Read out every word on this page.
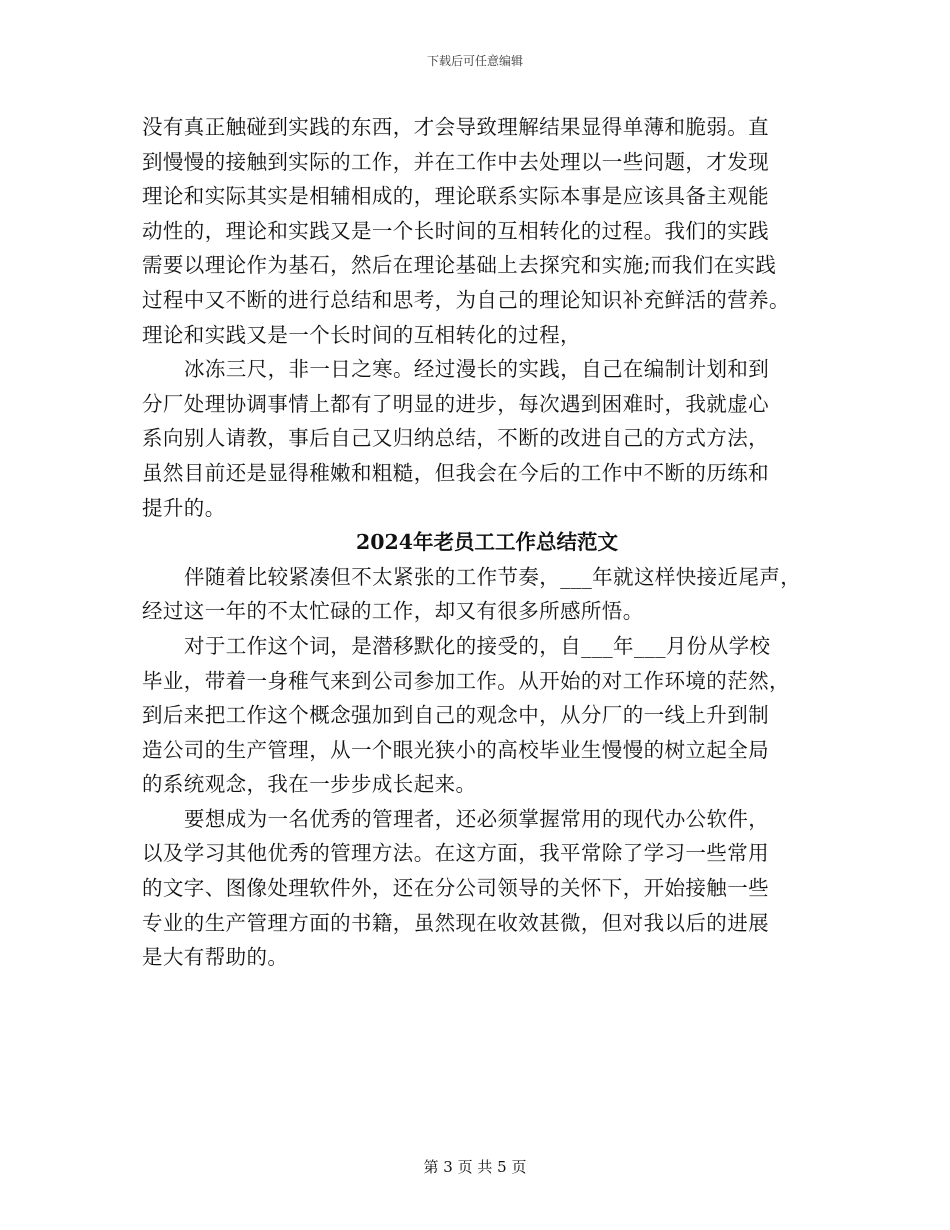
下载后可任意编辑
没有真正触碰到实践的东西，才会导致理解结果显得单薄和脆弱。直
到慢慢的接触到实际的工作，并在工作中去处理以一些问题，才发现
理论和实际其实是相辅相成的，理论联系实际本事是应该具备主观能
动性的，理论和实践又是一个长时间的互相转化的过程。我们的实践
需要以理论作为基石，然后在理论基础上去探究和实施;而我们在实践
过程中又不断的进行总结和思考，为自己的理论知识补充鲜活的营养。
理论和实践又是一个长时间的互相转化的过程，
冰冻三尺，非一日之寒。经过漫长的实践，自己在编制计划和到
分厂处理协调事情上都有了明显的进步，每次遇到困难时，我就虚心
系向别人请教，事后自己又归纳总结，不断的改进自己的方式方法，
虽然目前还是显得稚嫩和粗糙，但我会在今后的工作中不断的历练和
提升的。
2024年老员工工作总结范文
伴随着比较紧凑但不太紧张的工作节奏，___年就这样快接近尾声，
经过这一年的不太忙碌的工作，却又有很多所感所悟。
对于工作这个词，是潜移默化的接受的，自___年___月份从学校
毕业，带着一身稚气来到公司参加工作。从开始的对工作环境的茫然，
到后来把工作这个概念强加到自己的观念中，从分厂的一线上升到制
造公司的生产管理，从一个眼光狭小的高校毕业生慢慢的树立起全局
的系统观念，我在一步步成长起来。
要想成为一名优秀的管理者，还必须掌握常用的现代办公软件，
以及学习其他优秀的管理方法。在这方面，我平常除了学习一些常用
的文字、图像处理软件外，还在分公司领导的关怀下，开始接触一些
专业的生产管理方面的书籍，虽然现在收效甚微，但对我以后的进展
是大有帮助的。
第 3 页 共 5 页
